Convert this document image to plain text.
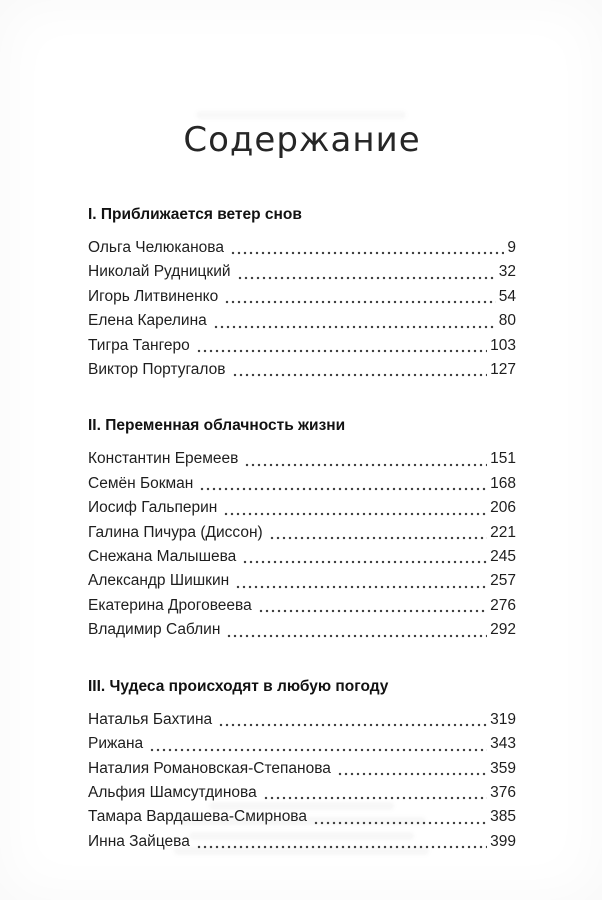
Содержание
I. Приближается ветер снов
Ольга Челюканова	9
Николай Рудницкий	32
Игорь Литвиненко	54
Елена Карелина	80
Тигра Тангеро	103
Виктор Португалов	127
II. Переменная облачность жизни
Константин Еремеев	151
Семён Бокман	168
Иосиф Гальперин	206
Галина Пичура (Диссон)	221
Снежана Малышева	245
Александр Шишкин	257
Екатерина Дроговеева	276
Владимир Саблин	292
III. Чудеса происходят в любую погоду
Наталья Бахтина	319
Рижана	343
Наталия Романовская-Степанова	359
Альфия Шамсутдинова	376
Тамара Вардашева-Смирнова	385
Инна Зайцева	399
